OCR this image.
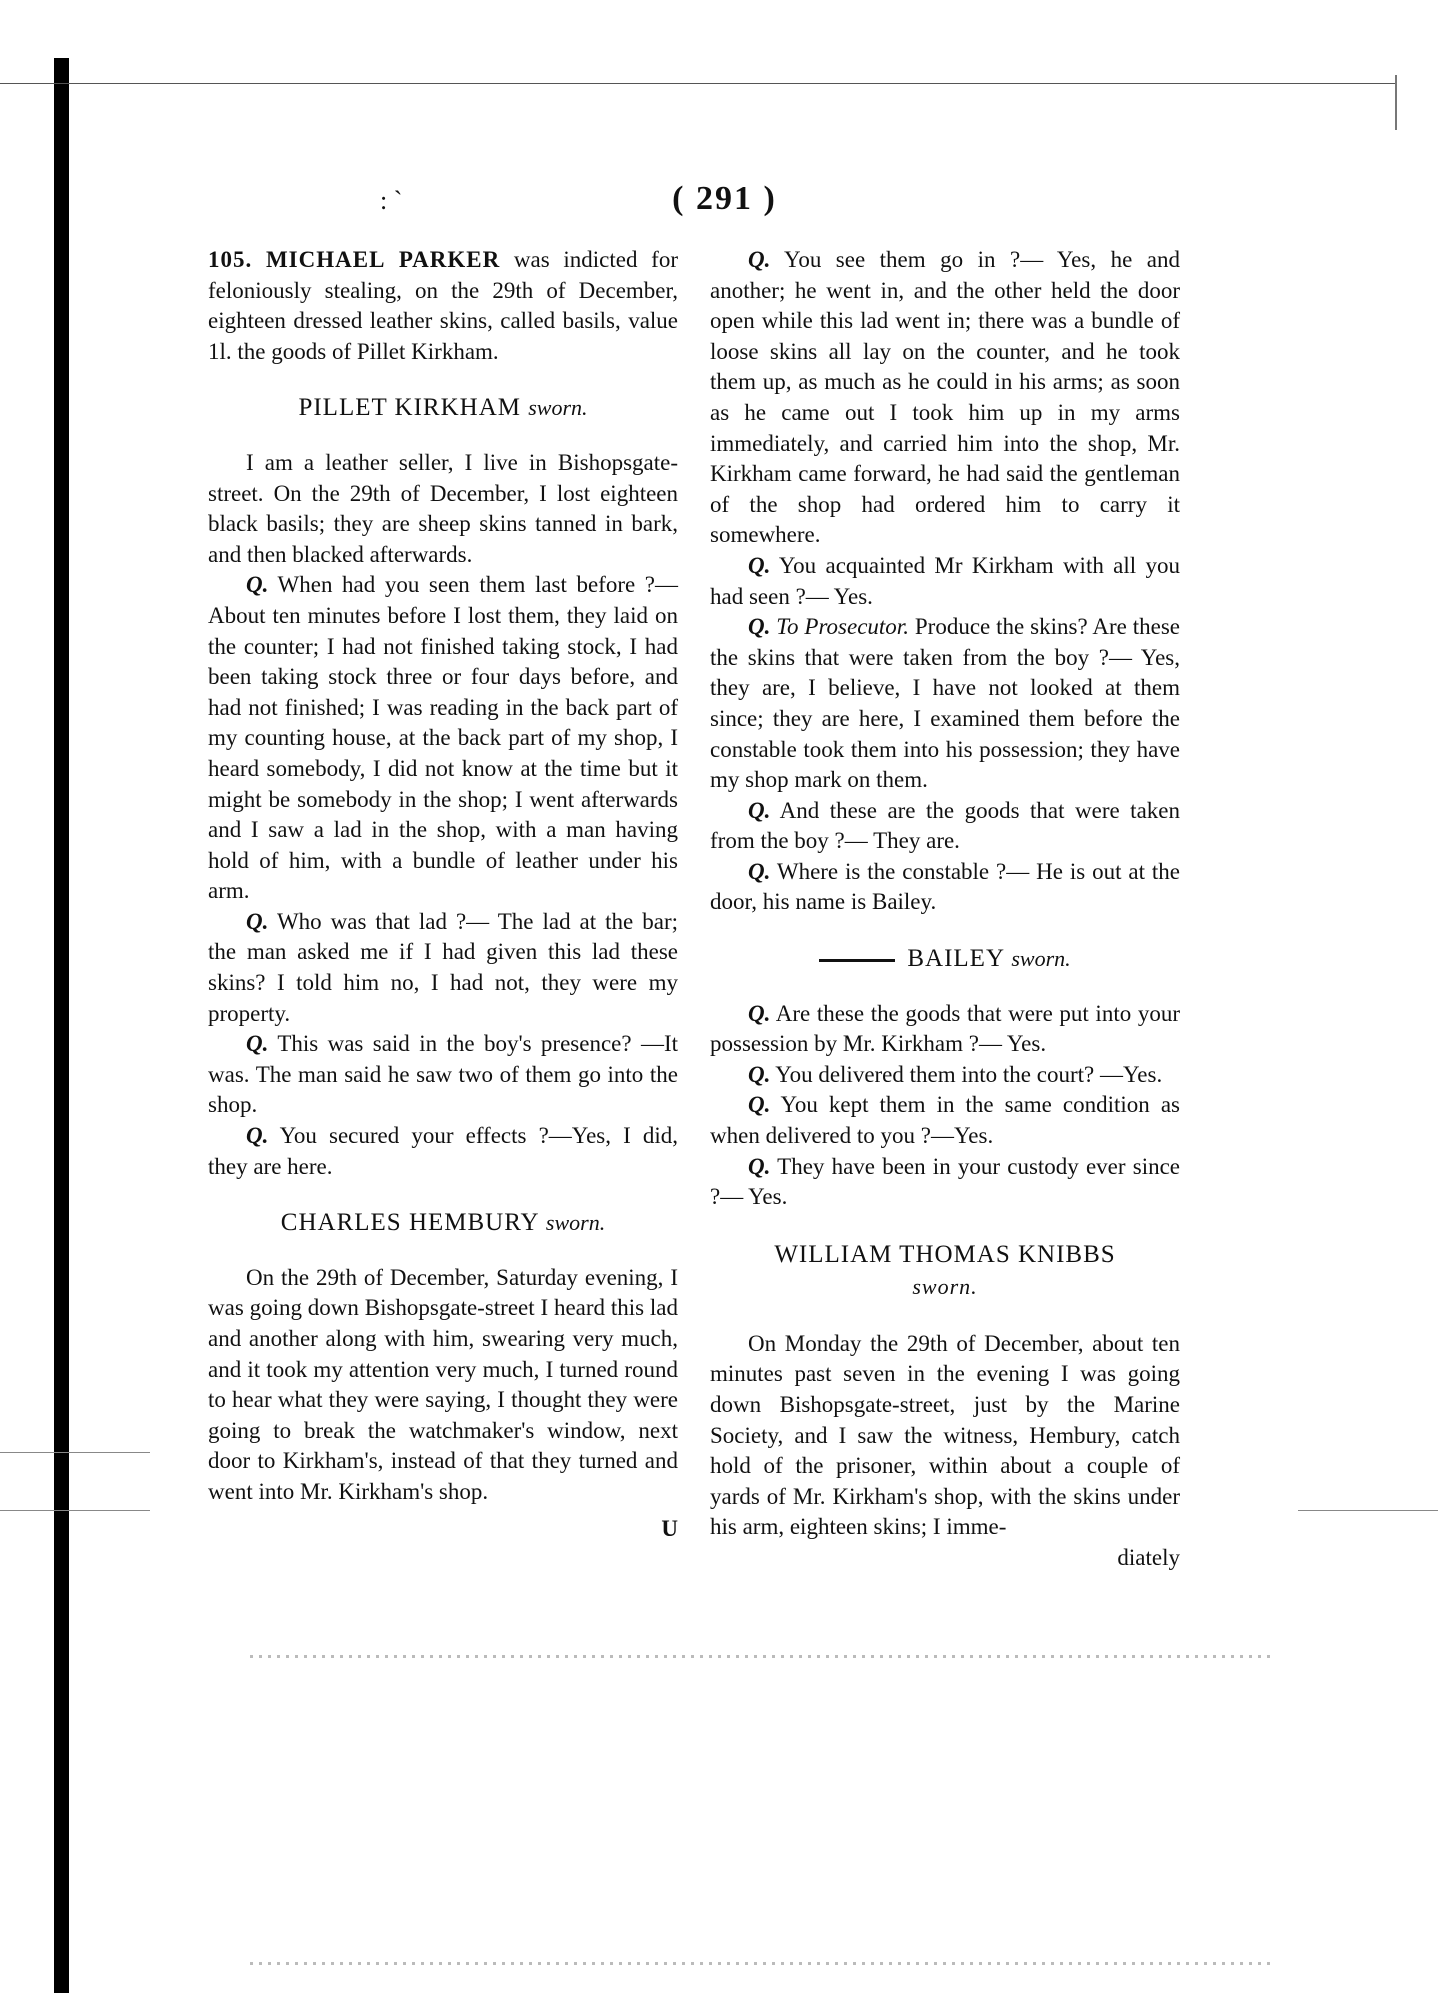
: `	( 291 )

105. MICHAEL PARKER was indicted for feloniously stealing, on the 29th of December, eighteen dressed leather skins, called basils, value 1l. the goods of Pillet Kirkham.

PILLET KIRKHAM sworn.

I am a leather seller, I live in Bishopsgate-street. On the 29th of December, I lost eighteen black basils; they are sheep skins tanned in bark, and then blacked afterwards.

Q. When had you seen them last before ?— About ten minutes before I lost them, they laid on the counter; I had not finished taking stock, I had been taking stock three or four days before, and had not finished; I was reading in the back part of my counting house, at the back part of my shop, I heard somebody, I did not know at the time but it might be somebody in the shop; I went afterwards and I saw a lad in the shop, with a man having hold of him, with a bundle of leather under his arm.

Q. Who was that lad ?— The lad at the bar; the man asked me if I had given this lad these skins? I told him no, I had not, they were my property.

Q. This was said in the boy's presence? —It was. The man said he saw two of them go into the shop.

Q. You secured your effects ?—Yes, I did, they are here.

CHARLES HEMBURY sworn.

On the 29th of December, Saturday evening, I was going down Bishopsgate-street I heard this lad and another along with him, swearing very much, and it took my attention very much, I turned round to hear what they were saying, I thought they were going to break the watchmaker's window, next door to Kirkham's, instead of that they turned and went into Mr. Kirkham's shop.

U

Q. You see them go in ?— Yes, he and another; he went in, and the other held the door open while this lad went in; there was a bundle of loose skins all lay on the counter, and he took them up, as much as he could in his arms; as soon as he came out I took him up in my arms immediately, and carried him into the shop, Mr. Kirkham came forward, he had said the gentleman of the shop had ordered him to carry it somewhere.

Q. You acquainted Mr Kirkham with all you had seen ?— Yes.

Q. To Prosecutor. Produce the skins? Are these the skins that were taken from the boy ?— Yes, they are, I believe, I have not looked at them since; they are here, I examined them before the constable took them into his possession; they have my shop mark on them.

Q. And these are the goods that were taken from the boy ?— They are.

Q. Where is the constable ?— He is out at the door, his name is Bailey.

BAILEY sworn.

Q. Are these the goods that were put into your possession by Mr. Kirkham ?— Yes.

Q. You delivered them into the court? —Yes.

Q. You kept them in the same condition as when delivered to you ?—Yes.

Q. They have been in your custody ever since ?— Yes.

WILLIAM THOMAS KNIBBS
sworn.

On Monday the 29th of December, about ten minutes past seven in the evening I was going down Bishopsgate-street, just by the Marine Society, and I saw the witness, Hembury, catch hold of the prisoner, within about a couple of yards of Mr. Kirkham's shop, with the skins under his arm, eighteen skins; I imme-

diately
